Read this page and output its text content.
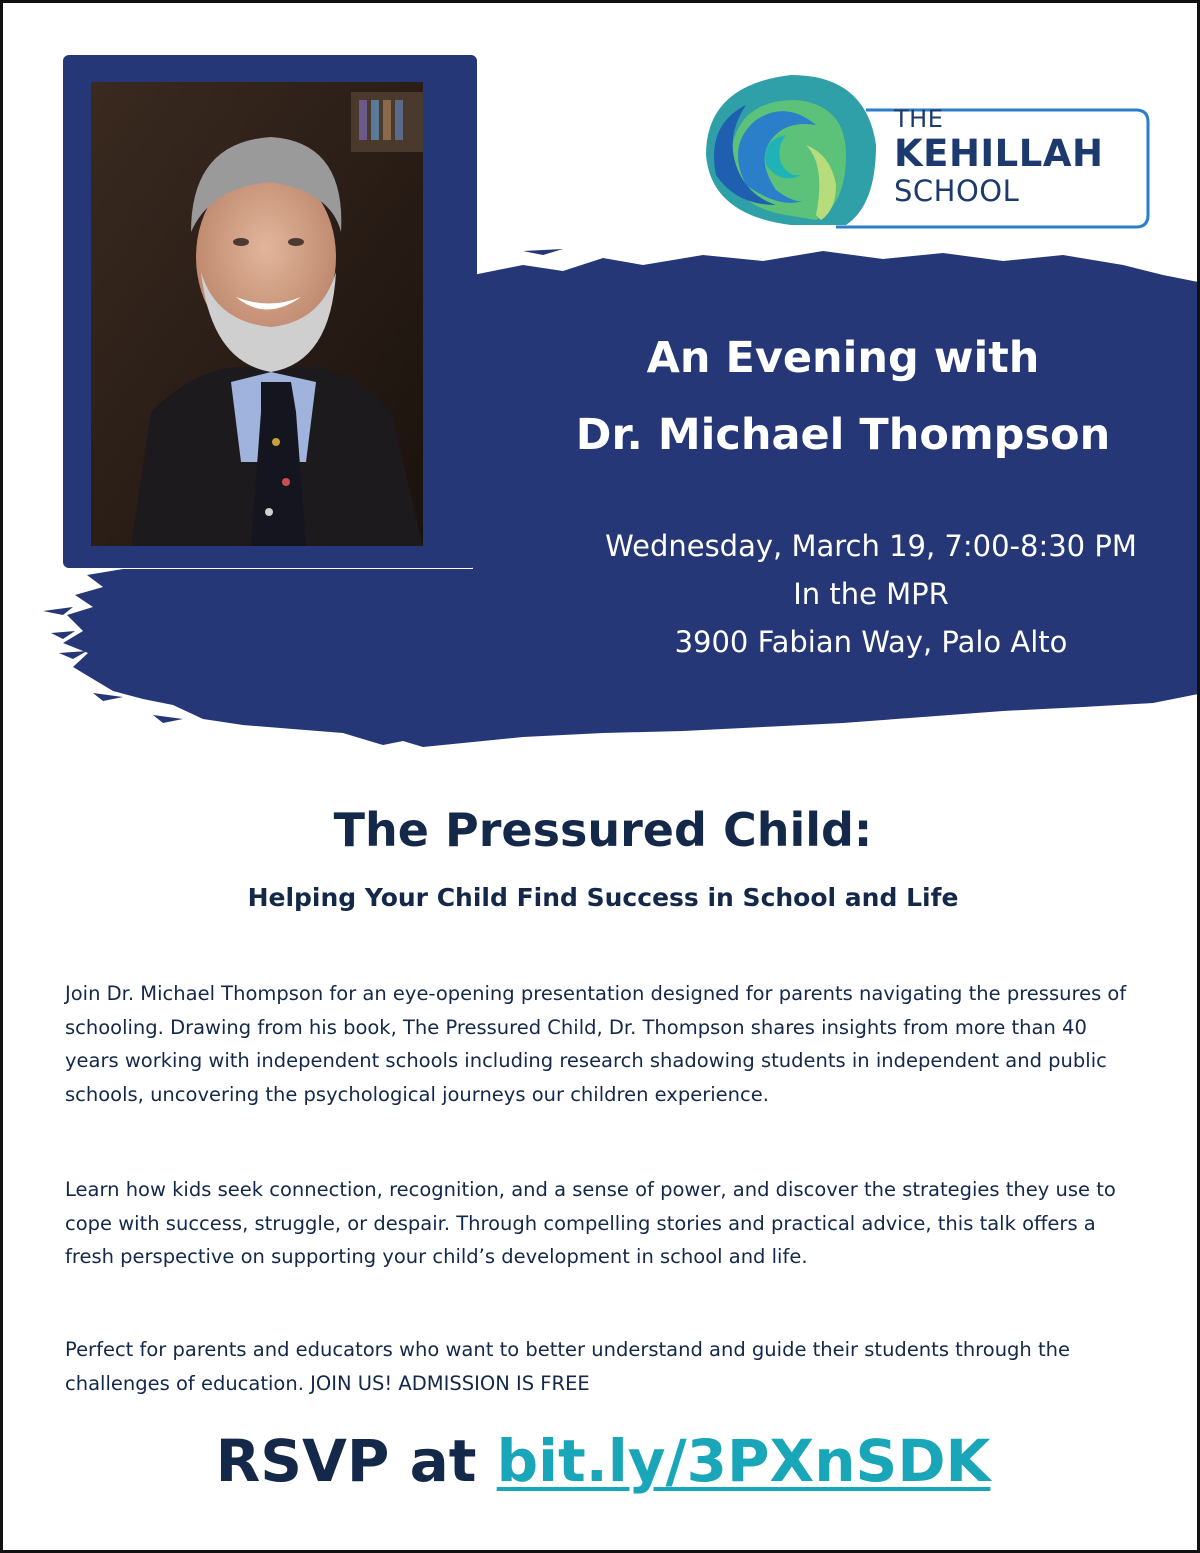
THE
KEHILLAH
SCHOOL
An Evening with
Dr. Michael Thompson
Wednesday, March 19, 7:00-8:30 PM
In the MPR
3900 Fabian Way, Palo Alto
The Pressured Child:
Helping Your Child Find Success in School and Life
Join Dr. Michael Thompson for an eye-opening presentation designed for parents navigating the pressures of schooling. Drawing from his book, The Pressured Child, Dr. Thompson shares insights from more than 40 years working with independent schools including research shadowing students in independent and public schools, uncovering the psychological journeys our children experience.
Learn how kids seek connection, recognition, and a sense of power, and discover the strategies they use to cope with success, struggle, or despair. Through compelling stories and practical advice, this talk offers a fresh perspective on supporting your child’s development in school and life.
Perfect for parents and educators who want to better understand and guide their students through the challenges of education. JOIN US! ADMISSION IS FREE
RSVP at bit.ly/3PXnSDK
